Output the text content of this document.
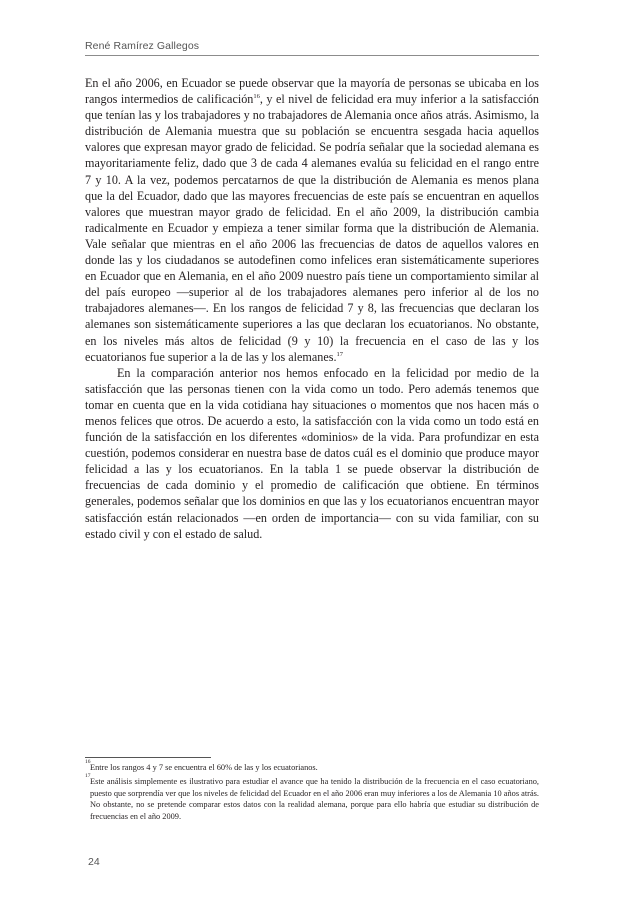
René Ramírez Gallegos

En el año 2006, en Ecuador se puede observar que la mayoría de personas se ubicaba en los rangos intermedios de calificación$^{16}$, y el nivel de felicidad era muy inferior a la satisfacción que tenían las y los trabajadores y no trabajadores de Alemania once años atrás. Asimismo, la distribución de Alemania muestra que su población se encuentra sesgada hacia aquellos valores que expresan mayor grado de felicidad. Se podría señalar que la sociedad alemana es mayoritariamente feliz, dado que 3 de cada 4 alemanes evalúa su felicidad en el rango entre 7 y 10. A la vez, podemos percatarnos de que la distribución de Alemania es menos plana que la del Ecuador, dado que las mayores frecuencias de este país se encuentran en aquellos valores que muestran mayor grado de felicidad. En el año 2009, la distribución cambia radicalmente en Ecuador y empieza a tener similar forma que la distribución de Alemania. Vale señalar que mientras en el año 2006 las frecuencias de datos de aquellos valores en donde las y los ciudadanos se autodefinen como infelices eran sistemáticamente superiores en Ecuador que en Alemania, en el año 2009 nuestro país tiene un comportamiento similar al del país europeo —superior al de los trabajadores alemanes pero inferior al de los no trabajadores alemanes—. En los rangos de felicidad 7 y 8, las frecuencias que declaran los alemanes son sistemáticamente superiores a las que declaran los ecuatorianos. No obstante, en los niveles más altos de felicidad (9 y 10) la frecuencia en el caso de las y los ecuatorianos fue superior a la de las y los alemanes.$^{17}$

En la comparación anterior nos hemos enfocado en la felicidad por medio de la satisfacción que las personas tienen con la vida como un todo. Pero además tenemos que tomar en cuenta que en la vida cotidiana hay situaciones o momentos que nos hacen más o menos felices que otros. De acuerdo a esto, la satisfacción con la vida como un todo está en función de la satisfacción en los diferentes «dominios» de la vida. Para profundizar en esta cuestión, podemos considerar en nuestra base de datos cuál es el dominio que produce mayor felicidad a las y los ecuatorianos. En la tabla 1 se puede observar la distribución de frecuencias de cada dominio y el promedio de calificación que obtiene. En términos generales, podemos señalar que los dominios en que las y los ecuatorianos encuentran mayor satisfacción están relacionados —en orden de importancia— con su vida familiar, con su estado civil y con el estado de salud.

16
Entre los rangos 4 y 7 se encuentra el 60% de las y los ecuatorianos.

17
Este análisis simplemente es ilustrativo para estudiar el avance que ha tenido la distribución de la frecuencia en el caso ecuatoriano, puesto que sorprendía ver que los niveles de felicidad del Ecuador en el año 2006 eran muy inferiores a los de Alemania 10 años atrás. No obstante, no se pretende comparar estos datos con la realidad alemana, porque para ello habría que estudiar su distribución de frecuencias en el año 2009.

24
